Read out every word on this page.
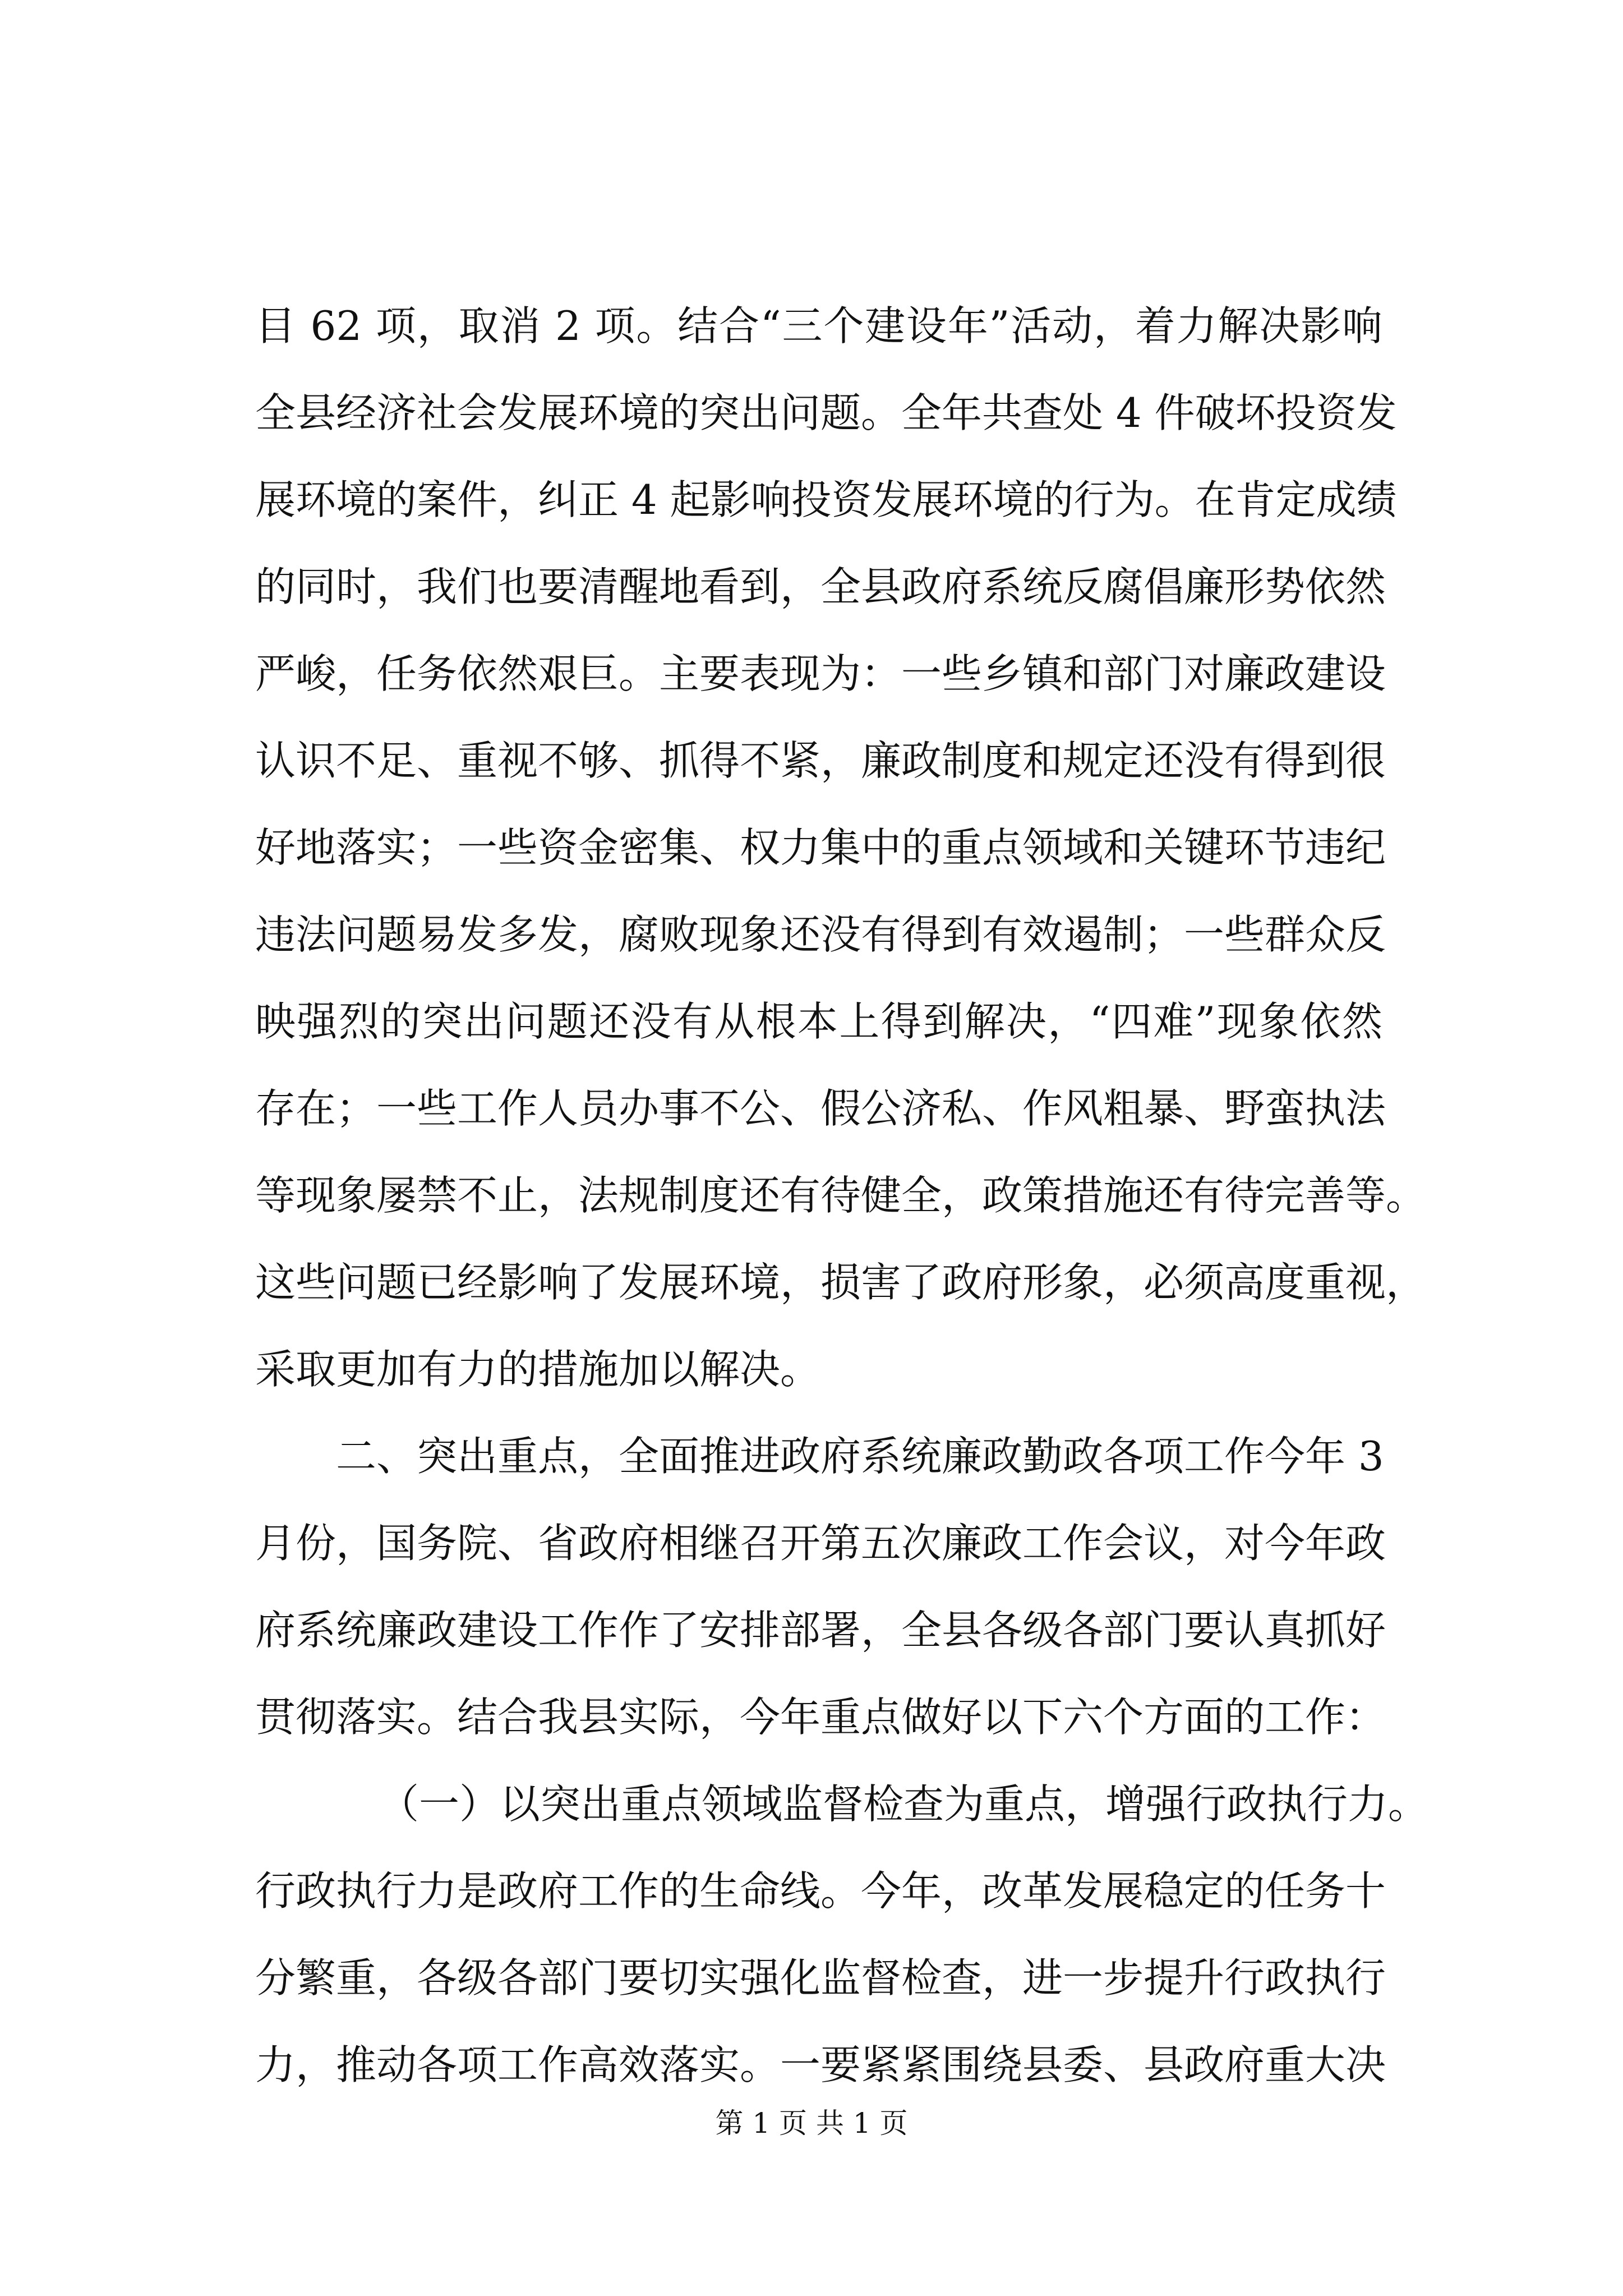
目 62 项，取消 2 项。结合“三个建设年”活动，着力解决影响
全县经济社会发展环境的突出问题。全年共查处 4 件破坏投资发
展环境的案件，纠正 4 起影响投资发展环境的行为。在肯定成绩
的同时，我们也要清醒地看到，全县政府系统反腐倡廉形势依然
严峻，任务依然艰巨。主要表现为：一些乡镇和部门对廉政建设
认识不足、重视不够、抓得不紧，廉政制度和规定还没有得到很
好地落实；一些资金密集、权力集中的重点领域和关键环节违纪
违法问题易发多发，腐败现象还没有得到有效遏制；一些群众反
映强烈的突出问题还没有从根本上得到解决，“四难”现象依然
存在；一些工作人员办事不公、假公济私、作风粗暴、野蛮执法
等现象屡禁不止，法规制度还有待健全，政策措施还有待完善等。
这些问题已经影响了发展环境，损害了政府形象，必须高度重视，
采取更加有力的措施加以解决。
二、突出重点，全面推进政府系统廉政勤政各项工作今年 3
月份，国务院、省政府相继召开第五次廉政工作会议，对今年政
府系统廉政建设工作作了安排部署，全县各级各部门要认真抓好
贯彻落实。结合我县实际，今年重点做好以下六个方面的工作：
（一）以突出重点领域监督检查为重点，增强行政执行力。
行政执行力是政府工作的生命线。今年，改革发展稳定的任务十
分繁重，各级各部门要切实强化监督检查，进一步提升行政执行
力，推动各项工作高效落实。一要紧紧围绕县委、县政府重大决
第 1 页 共 1 页
